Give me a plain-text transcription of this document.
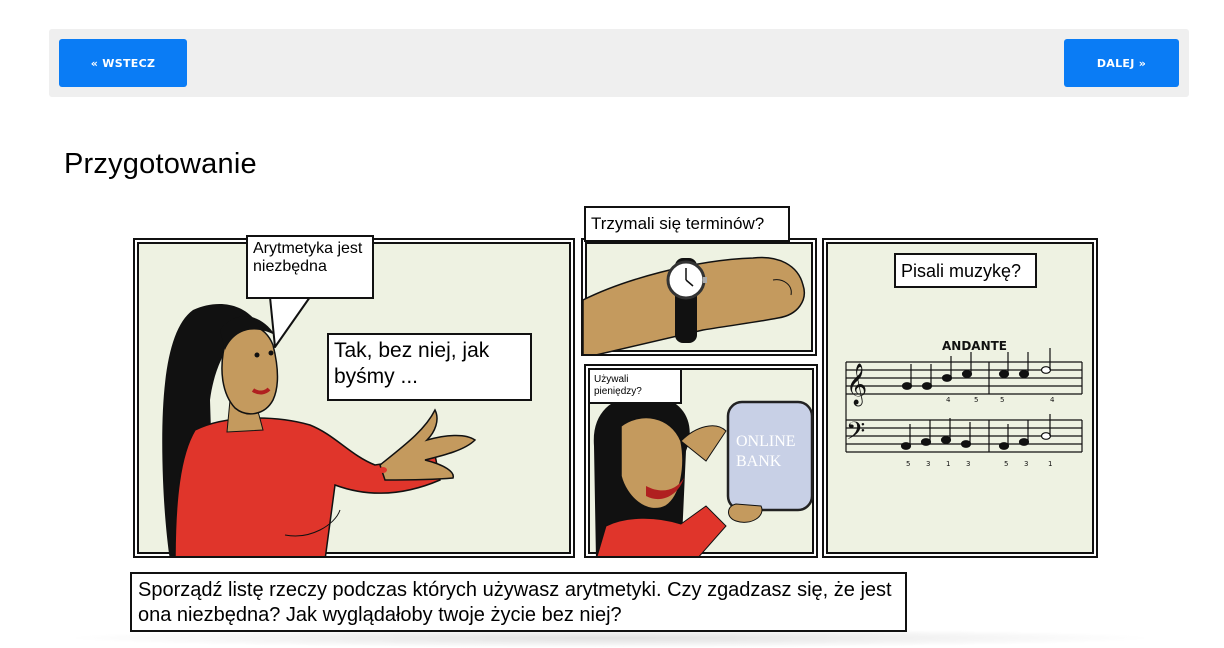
« WSTECZ	DALEJ »
Przygotowanie
Arytmetyka jest niezbędna
Tak, bez niej, jak byśmy ...
Trzymali się terminów?
ONLINE
BANK
Używali pieniędzy?
ANDANTE
𝄞
𝄢
5
4	5	4
5 3 1 3	5 3	1
Pisali muzykę?
Sporządź listę rzeczy podczas których używasz arytmetyki. Czy zgadzasz się, że jest ona niezbędna? Jak wyglądałoby twoje życie bez niej?
